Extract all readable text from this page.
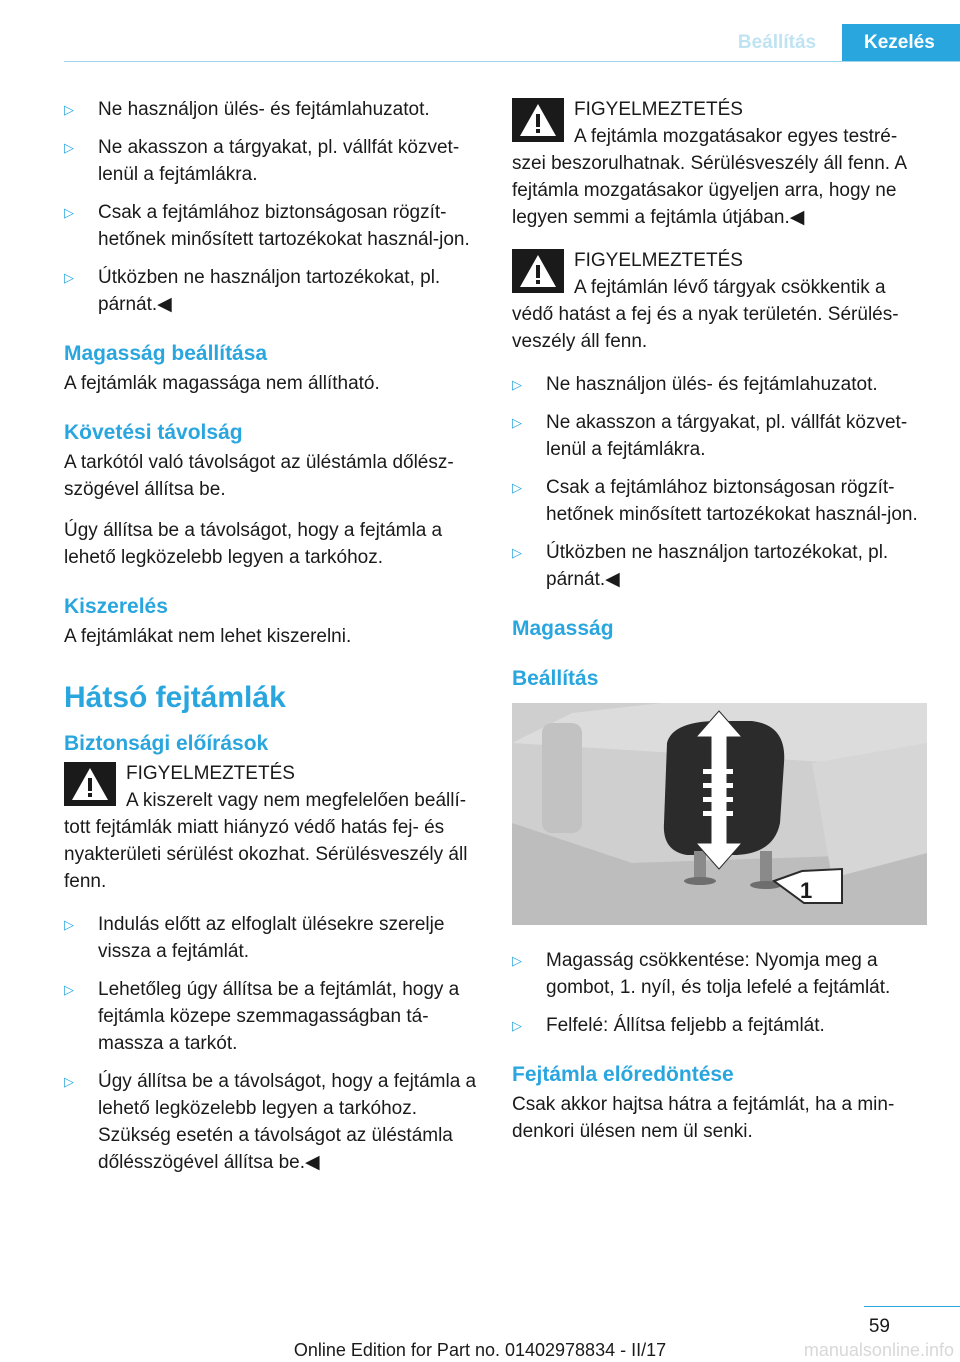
Beállítás	Kezelés
▷ Ne használjon ülés- és fejtámlahuzatot.
▷ Ne akasszon a tárgyakat, pl. vállfát közvet-lenül a fejtámlákra.
▷ Csak a fejtámlához biztonságosan rögzít-hetőnek minősített tartozékokat használ-jon.
▷ Útközben ne használjon tartozékokat, pl. párnát.◀
Magasság beállítása

A fejtámlák magassága nem állítható.

Követési távolság

A tarkótól való távolságot az üléstámla dőlész-szögével állítsa be.

Úgy állítsa be a távolságot, hogy a fejtámla a lehető legközelebb legyen a tarkóhoz.

Kiszerelés

A fejtámlákat nem lehet kiszerelni.

Hátsó fejtámlák
Biztonsági előírások
FIGYELMEZTETÉS
A kiszerelt vagy nem megfelelően beállí-tott fejtámlák miatt hiányzó védő hatás fej- és nyakterületi sérülést okozhat. Sérülésveszély áll fenn.
▷ Indulás előtt az elfoglalt ülésekre szerelje vissza a fejtámlát.
▷ Lehetőleg úgy állítsa be a fejtámlát, hogy a fejtámla közepe szemmagasságban tá-massza a tarkót.
▷ Úgy állítsa be a távolságot, hogy a fejtámla a lehető legközelebb legyen a tarkóhoz. Szükség esetén a távolságot az üléstámla dőlésszögével állítsa be.◀
FIGYELMEZTETÉS
A fejtámla mozgatásakor egyes testré-szei beszorulhatnak. Sérülésveszély áll fenn. A fejtámla mozgatásakor ügyeljen arra, hogy ne legyen semmi a fejtámla útjában.◀
FIGYELMEZTETÉS
A fejtámlán lévő tárgyak csökkentik a védő hatást a fej és a nyak területén. Sérülés-veszély áll fenn.
▷ Ne használjon ülés- és fejtámlahuzatot.
▷ Ne akasszon a tárgyakat, pl. vállfát közvet-lenül a fejtámlákra.
▷ Csak a fejtámlához biztonságosan rögzít-hetőnek minősített tartozékokat használ-jon.
▷ Útközben ne használjon tartozékokat, pl. párnát.◀
Magasság
Beállítás
1
▷ Magasság csökkentése: Nyomja meg a gombot, 1. nyíl, és tolja lefelé a fejtámlát.
▷ Felfelé: Állítsa feljebb a fejtámlát.
Fejtámla előredöntése

Csak akkor hajtsa hátra a fejtámlát, ha a min-denkori ülésen nem ül senki.

59
Online Edition for Part no. 01402978834 - II/17	manualsonline.info
